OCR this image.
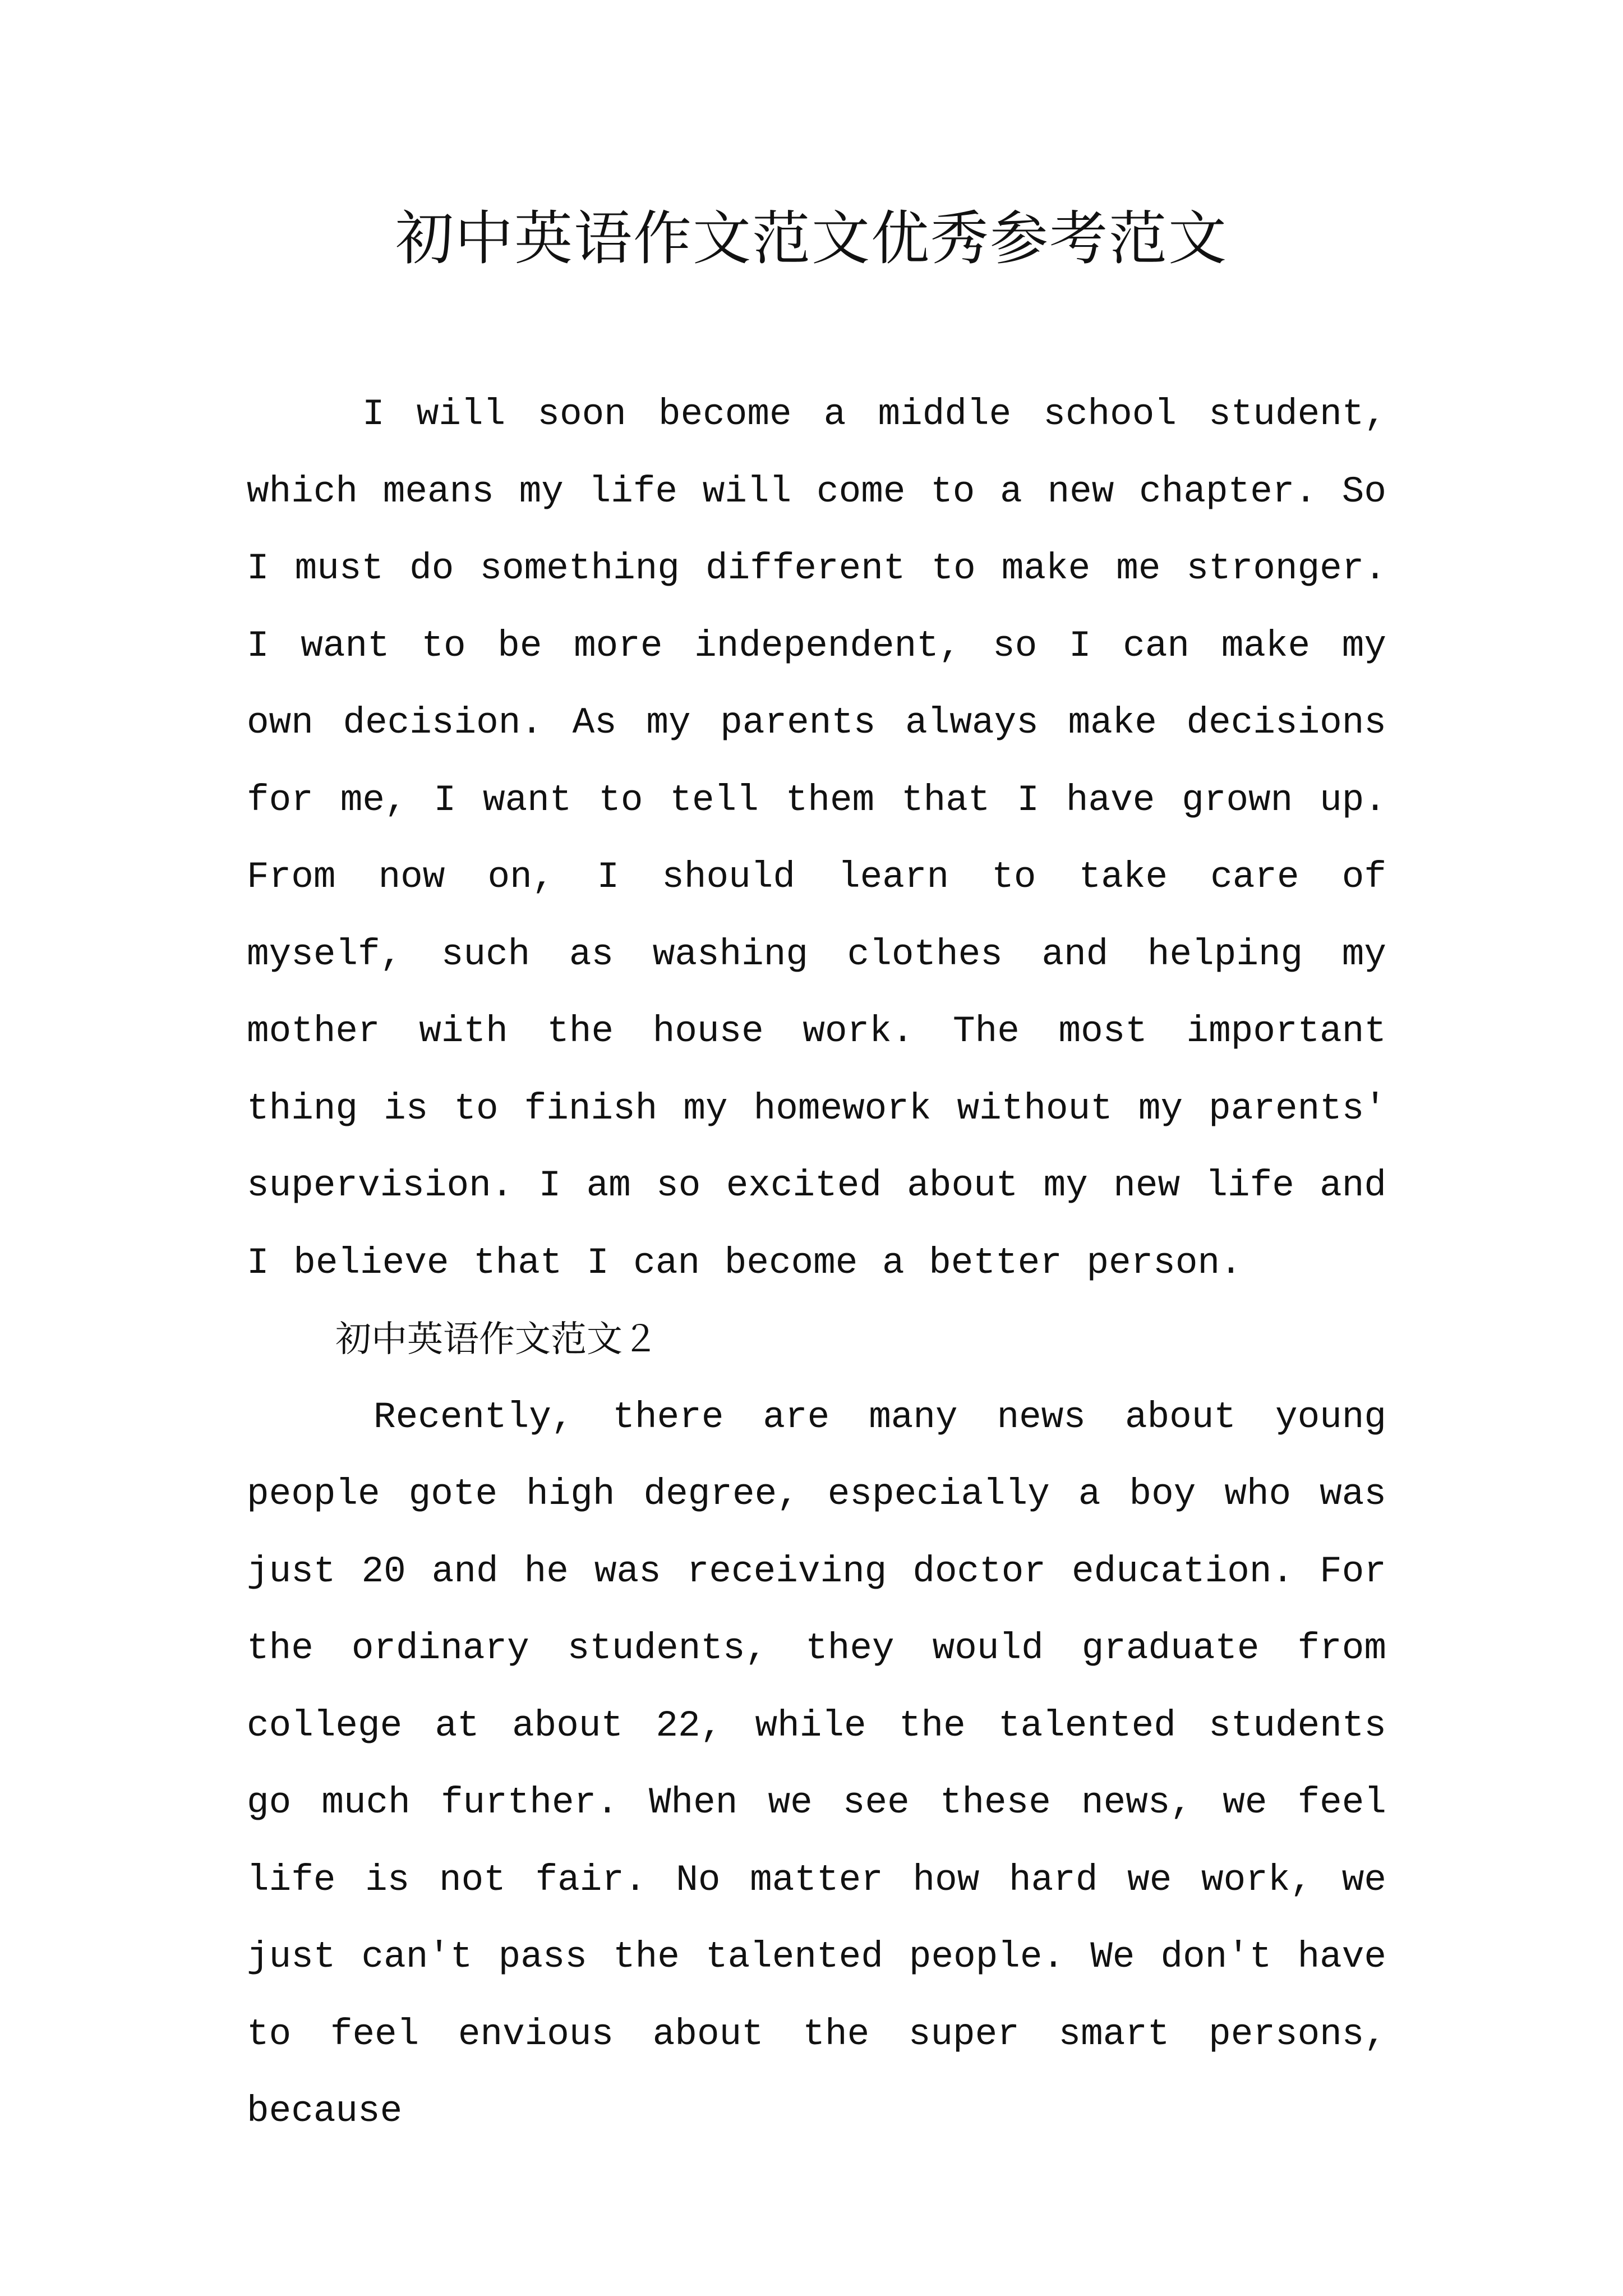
初中英语作文范文优秀参考范文

I will soon become a middle school student, which means my life will come to a new chapter. So I must do something different to make me stronger. I want to be more independent, so I can make my own decision. As my parents always make decisions for me, I want to tell them that I have grown up. From now on, I should learn to take care of myself, such as washing clothes and helping my mother with the house work. The most important thing is to finish my homework without my parents' supervision. I am so excited about my new life and I believe that I can become a better person.

初中英语作文范文２

Recently, there are many news about young people gote high degree, especially a boy who was just 20 and he was receiving doctor education. For the ordinary students, they would graduate from college at about 22, while the talented students go much further. When we see these news, we feel life is not fair. No matter how hard we work, we just can't pass the talented people. We don't have to feel envious about the super smart persons, because
